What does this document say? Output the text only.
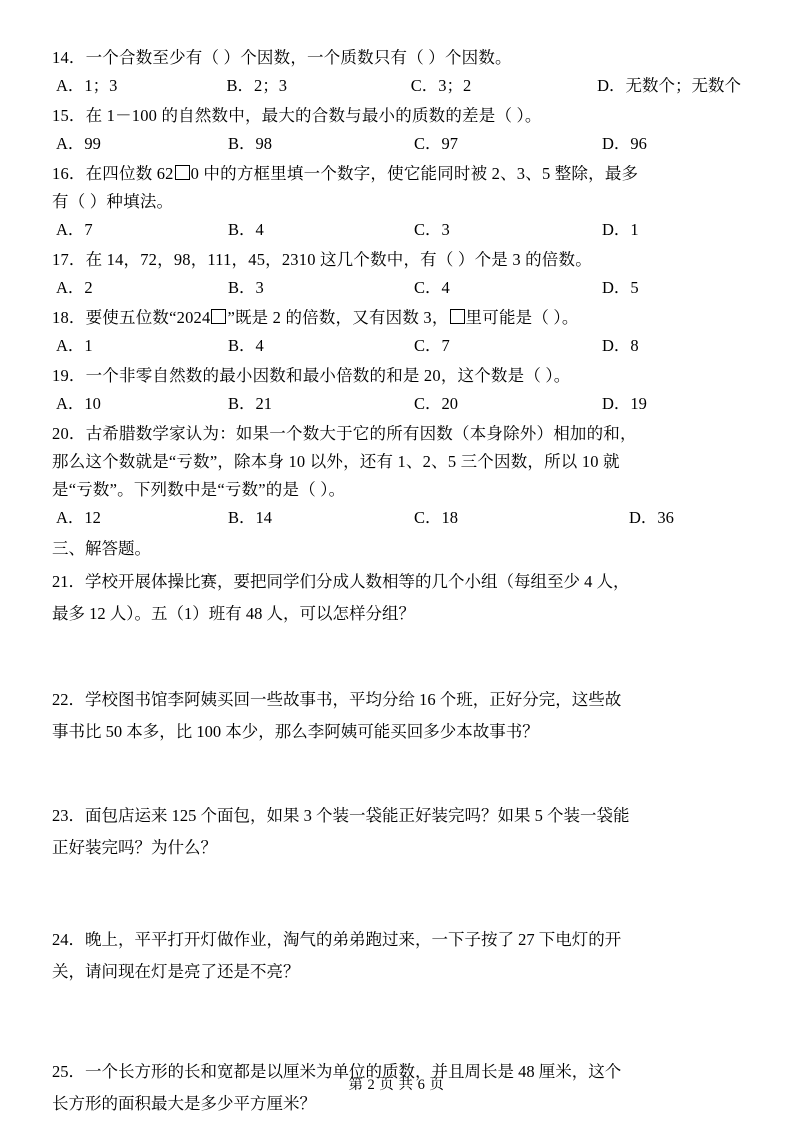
14．一个合数至少有（ ）个因数，一个质数只有（ ）个因数。
A．1；3	B．2；3	C．3；2	D．无数个；无数个
15．在 1－100 的自然数中，最大的合数与最小的质数的差是（ ）。
A．99	B．98	C．97	D．96
16．在四位数 62 0 中的方框里填一个数字，使它能同时被 2、3、5 整除，最多
有（ ）种填法。
A．7	B．4	C．3	D．1
17．在 14，72，98，111，45，2310 这几个数中，有（ ）个是 3 的倍数。
A．2	B．3	C．4	D．5
18．要使五位数“2024 ”既是 2 的倍数，又有因数 3， 里可能是（ ）。
A．1	B．4	C．7	D．8
19．一个非零自然数的最小因数和最小倍数的和是 20，这个数是（ ）。
A．10	B．21	C．20	D．19
20．古希腊数学家认为：如果一个数大于它的所有因数（本身除外）相加的和，
那么这个数就是“亏数”，除本身 10 以外，还有 1、2、5 三个因数，所以 10 就
是“亏数”。下列数中是“亏数”的是（ ）。
A．12	B．14	C．18	D．36
三、解答题。
21．学校开展体操比赛，要把同学们分成人数相等的几个小组（每组至少 4 人，
最多 12 人）。五（1）班有 48 人，可以怎样分组？
22．学校图书馆李阿姨买回一些故事书，平均分给 16 个班，正好分完，这些故
事书比 50 本多，比 100 本少，那么李阿姨可能买回多少本故事书？
23．面包店运来 125 个面包，如果 3 个装一袋能正好装完吗？如果 5 个装一袋能
正好装完吗？为什么？
24．晚上，平平打开灯做作业，淘气的弟弟跑过来，一下子按了 27 下电灯的开
关，请问现在灯是亮了还是不亮？
25．一个长方形的长和宽都是以厘米为单位的质数，并且周长是 48 厘米，这个
长方形的面积最大是多少平方厘米？
第 2 页 共 6 页
